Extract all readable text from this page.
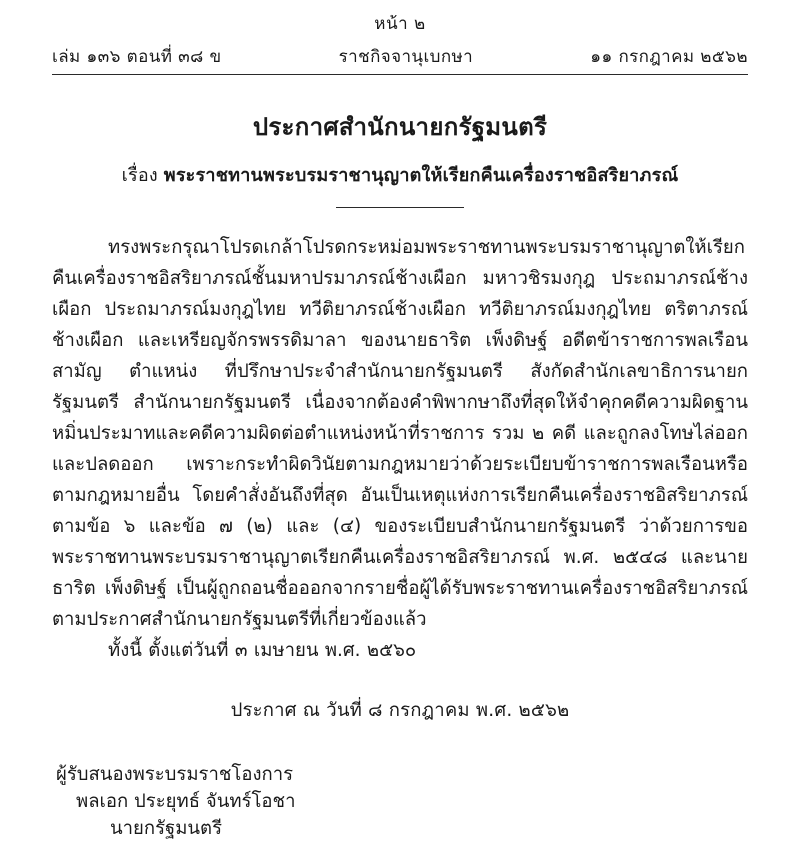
หน้า ๒
เล่ม ๑๓๖ ตอนที่ ๓๘ ข	ราชกิจจานุเบกษา	๑๑ กรกฎาคม ๒๕๖๒
ประกาศสำนักนายกรัฐมนตรี
เรื่อง พระราชทานพระบรมราชานุญาตให้เรียกคืนเครื่องราชอิสริยาภรณ์

ทรงพระกรุณาโปรดเกล้าโปรดกระหม่อมพระราชทานพระบรมราชานุญาตให้เรียกคืนเครื่องราชอิสริยาภรณ์ชั้นมหาปรมาภรณ์ช้างเผือก มหาวชิรมงกุฎ ประถมาภรณ์ช้างเผือก ประถมาภรณ์มงกุฎไทย ทวีติยาภรณ์ช้างเผือก ทวีติยาภรณ์มงกุฎไทย ตริตาภรณ์ช้างเผือก และเหรียญจักรพรรดิมาลา ของนายธาริต เพ็งดิษฐ์ อดีตข้าราชการพลเรือนสามัญ ตำแหน่ง ที่ปรึกษาประจำสำนักนายกรัฐมนตรี สังกัดสำนักเลขาธิการนายกรัฐมนตรี สำนักนายกรัฐมนตรี เนื่องจากต้องคำพิพากษาถึงที่สุดให้จำคุกคดีความผิดฐานหมิ่นประมาทและคดีความผิดต่อตำแหน่งหน้าที่ราชการ รวม ๒ คดี และถูกลงโทษไล่ออกและปลดออก เพราะกระทำผิดวินัยตามกฎหมายว่าด้วยระเบียบข้าราชการพลเรือนหรือตามกฎหมายอื่น โดยคำสั่งอันถึงที่สุด อันเป็นเหตุแห่งการเรียกคืนเครื่องราชอิสริยาภรณ์ ตามข้อ ๖ และข้อ ๗ (๒) และ (๔) ของระเบียบสำนักนายกรัฐมนตรี ว่าด้วยการขอพระราชทานพระบรมราชานุญาตเรียกคืนเครื่องราชอิสริยาภรณ์ พ.ศ. ๒๕๔๘ และนายธาริต เพ็งดิษฐ์ เป็นผู้ถูกถอนชื่อออกจากรายชื่อผู้ได้รับพระราชทานเครื่องราชอิสริยาภรณ์ตามประกาศสำนักนายกรัฐมนตรีที่เกี่ยวข้องแล้ว

ทั้งนี้ ตั้งแต่วันที่ ๓ เมษายน พ.ศ. ๒๕๖๐

ประกาศ ณ วันที่ ๘ กรกฎาคม พ.ศ. ๒๕๖๒
ผู้รับสนองพระบรมราชโองการ
พลเอก ประยุทธ์ จันทร์โอชา
นายกรัฐมนตรี
